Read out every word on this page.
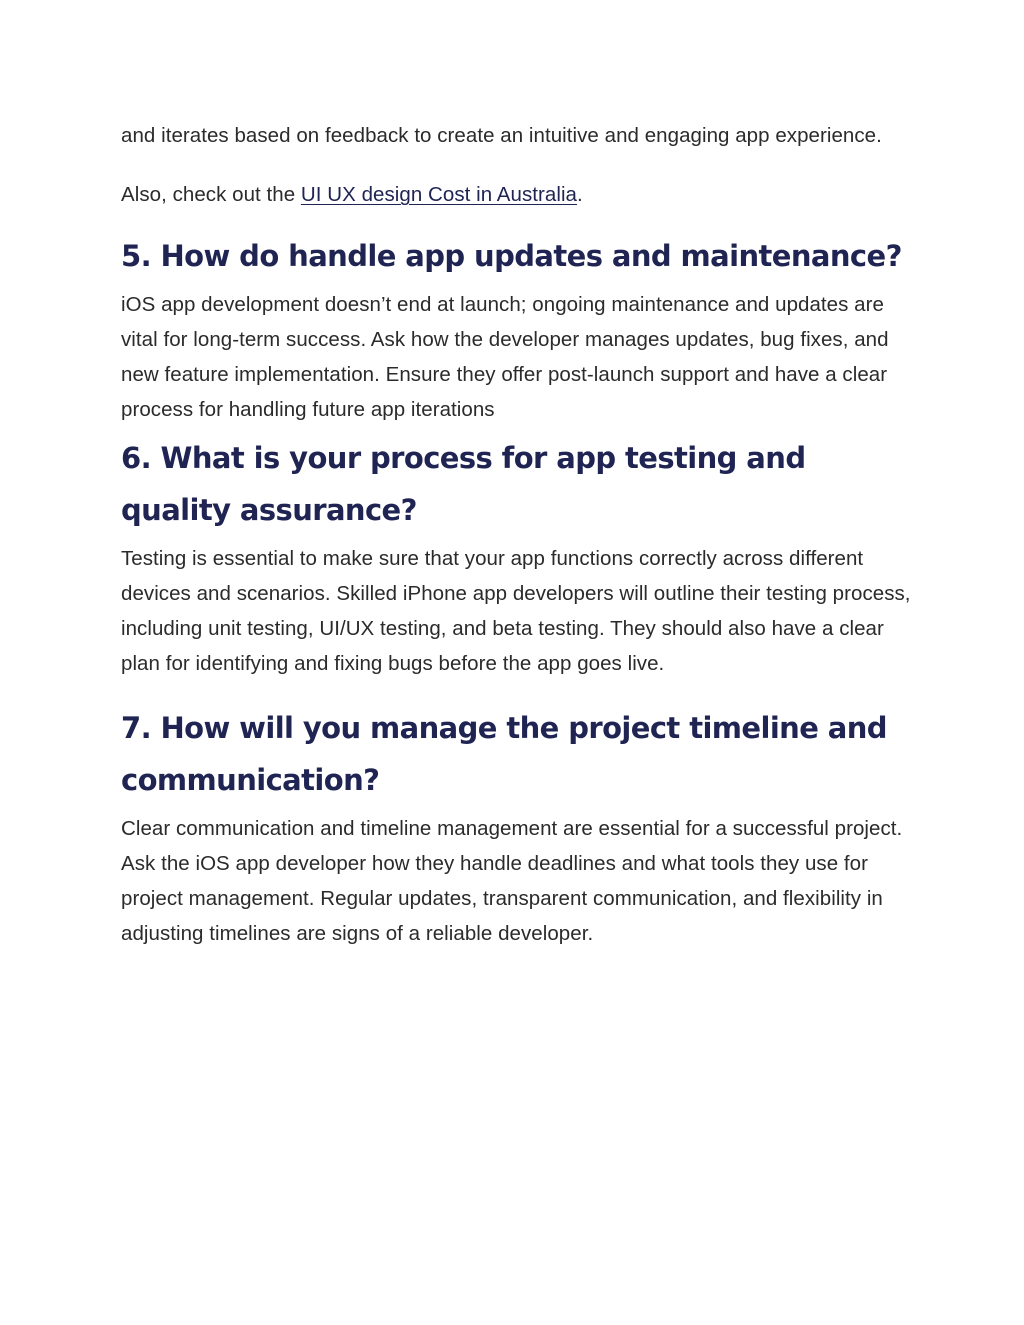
and iterates based on feedback to create an intuitive and engaging app experience.

Also, check out the UI UX design Cost in Australia.

5. How do handle app updates and maintenance?

iOS app development doesn’t end at launch; ongoing maintenance and updates are vital for long-term success. Ask how the developer manages updates, bug fixes, and new feature implementation. Ensure they offer post-launch support and have a clear process for handling future app iterations

6. What is your process for app testing and quality assurance?

Testing is essential to make sure that your app functions correctly across different devices and scenarios. Skilled iPhone app developers will outline their testing process, including unit testing, UI/UX testing, and beta testing. They should also have a clear plan for identifying and fixing bugs before the app goes live.

7. How will you manage the project timeline and communication?

Clear communication and timeline management are essential for a successful project. Ask the iOS app developer how they handle deadlines and what tools they use for project management. Regular updates, transparent communication, and flexibility in adjusting timelines are signs of a reliable developer.
